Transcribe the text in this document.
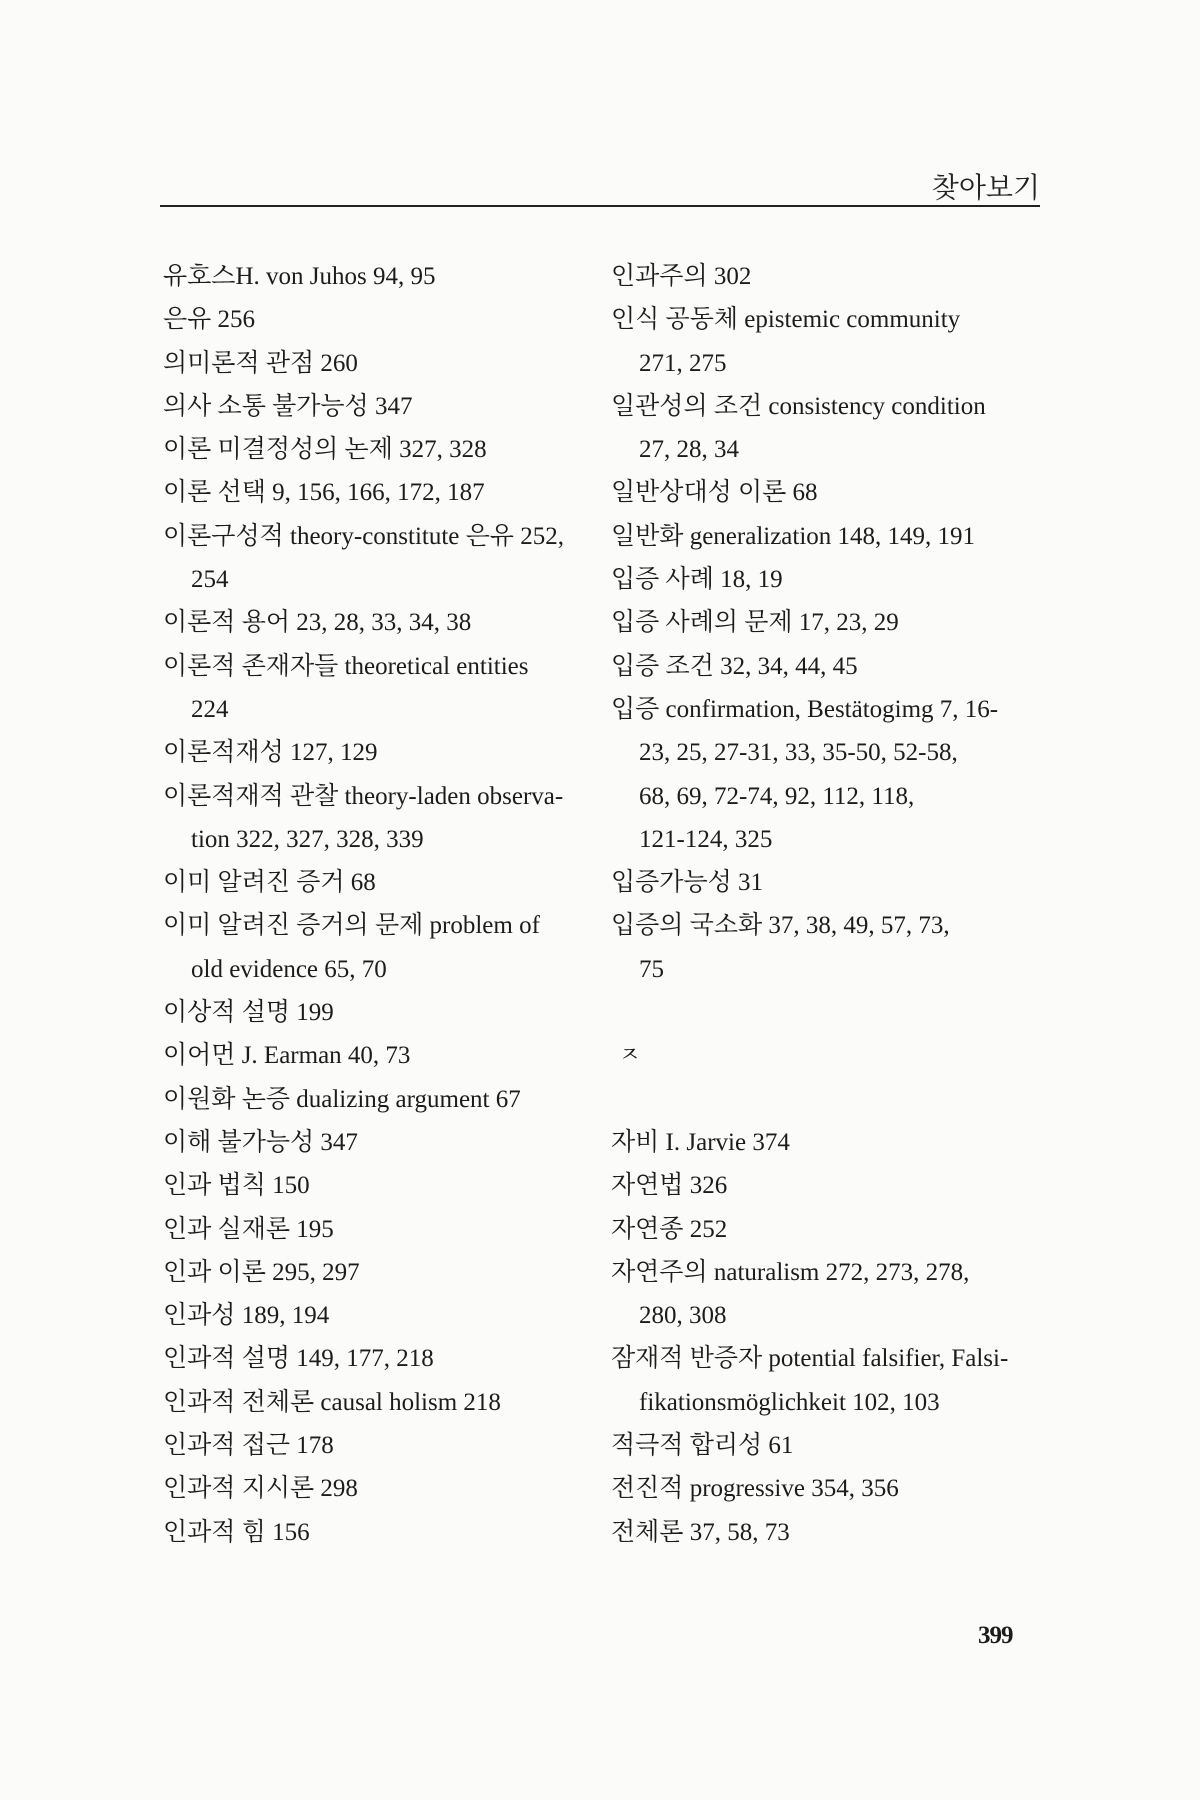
찾아보기
유호스H. von Juhos 94, 95
은유 256
의미론적 관점 260
의사 소통 불가능성 347
이론 미결정성의 논제 327, 328
이론 선택 9, 156, 166, 172, 187
이론구성적 theory-constitute 은유 252,
254
이론적 용어 23, 28, 33, 34, 38
이론적 존재자들 theoretical entities
224
이론적재성 127, 129
이론적재적 관찰 theory-laden observa-
tion 322, 327, 328, 339
이미 알려진 증거 68
이미 알려진 증거의 문제 problem of
old evidence 65, 70
이상적 설명 199
이어먼 J. Earman 40, 73
이원화 논증 dualizing argument 67
이해 불가능성 347
인과 법칙 150
인과 실재론 195
인과 이론 295, 297
인과성 189, 194
인과적 설명 149, 177, 218
인과적 전체론 causal holism 218
인과적 접근 178
인과적 지시론 298
인과적 힘 156
인과주의 302
인식 공동체 epistemic community
271, 275
일관성의 조건 consistency condition
27, 28, 34
일반상대성 이론 68
일반화 generalization 148, 149, 191
입증 사례 18, 19
입증 사례의 문제 17, 23, 29
입증 조건 32, 34, 44, 45
입증 confirmation, Bestätogimg 7, 16-
23, 25, 27-31, 33, 35-50, 52-58,
68, 69, 72-74, 92, 112, 118,
121-124, 325
입증가능성 31
입증의 국소화 37, 38, 49, 57, 73,
75
ㅈ
자비 I. Jarvie 374
자연법 326
자연종 252
자연주의 naturalism 272, 273, 278,
280, 308
잠재적 반증자 potential falsifier, Falsi-
fikationsmöglichkeit 102, 103
적극적 합리성 61
전진적 progressive 354, 356
전체론 37, 58, 73
399
